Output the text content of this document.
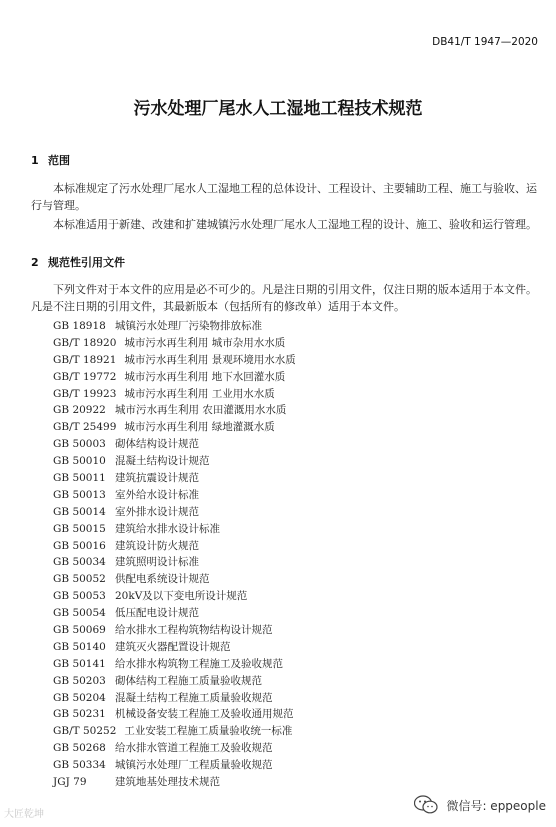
DB41/T 1947—2020
污水处理厂尾水人工湿地工程技术规范
1 范围
本标准规定了污水处理厂尾水人工湿地工程的总体设计、工程设计、主要辅助工程、施工与验收、运行与管理。
本标准适用于新建、改建和扩建城镇污水处理厂尾水人工湿地工程的设计、施工、验收和运行管理。
2 规范性引用文件
下列文件对于本文件的应用是必不可少的。凡是注日期的引用文件，仅注日期的版本适用于本文件。凡是不注日期的引用文件，其最新版本（包括所有的修改单）适用于本文件。
GB 18918 城镇污水处理厂污染物排放标准
GB/T 18920 城市污水再生利用 城市杂用水水质
GB/T 18921 城市污水再生利用 景观环境用水水质
GB/T 19772 城市污水再生利用 地下水回灌水质
GB/T 19923 城市污水再生利用 工业用水水质
GB 20922 城市污水再生利用 农田灌溉用水水质
GB/T 25499 城市污水再生利用 绿地灌溉水质
GB 50003 砌体结构设计规范
GB 50010 混凝土结构设计规范
GB 50011 建筑抗震设计规范
GB 50013 室外给水设计标准
GB 50014 室外排水设计规范
GB 50015 建筑给水排水设计标准
GB 50016 建筑设计防火规范
GB 50034 建筑照明设计标准
GB 50052 供配电系统设计规范
GB 50053 20kV及以下变电所设计规范
GB 50054 低压配电设计规范
GB 50069 给水排水工程构筑物结构设计规范
GB 50140 建筑灭火器配置设计规范
GB 50141 给水排水构筑物工程施工及验收规范
GB 50203 砌体结构工程施工质量验收规范
GB 50204 混凝土结构工程施工质量验收规范
GB 50231 机械设备安装工程施工及验收通用规范
GB/T 50252 工业安装工程施工质量验收统一标准
GB 50268 给水排水管道工程施工及验收规范
GB 50334 城镇污水处理厂工程质量验收规范
JGJ 79	建筑地基处理技术规范
大匠乾坤
微信号: eppeople
